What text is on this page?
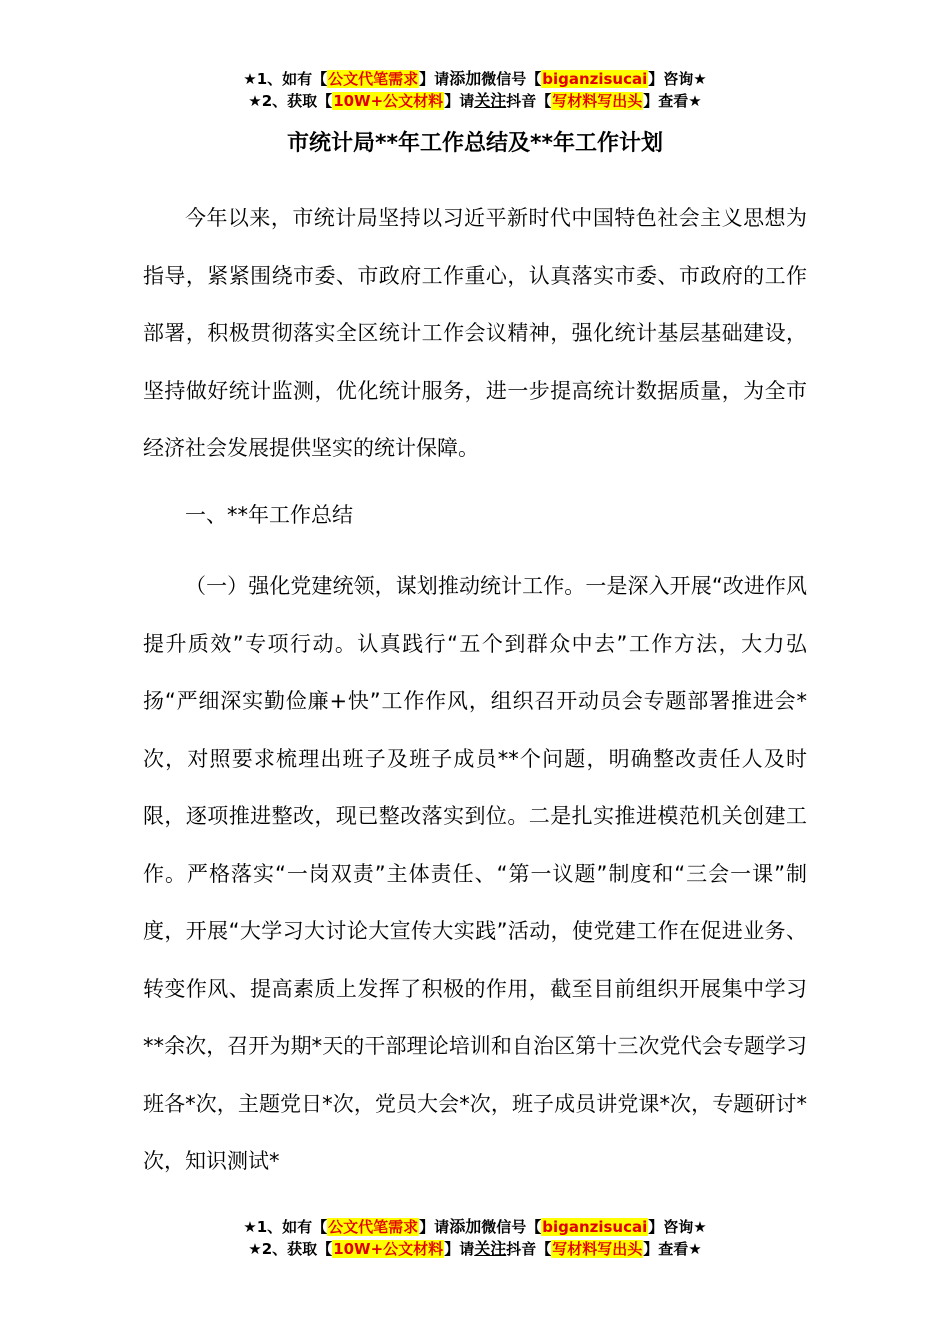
★1、如有【公文代笔需求】请添加微信号【biganzisucai】咨询★
★2、获取【10W+公文材料】请关注抖音【写材料写出头】查看★
市统计局**年工作总结及**年工作计划

今年以来，市统计局坚持以习近平新时代中国特色社会主义思想为指导，紧紧围绕市委、市政府工作重心，认真落实市委、市政府的工作部署，积极贯彻落实全区统计工作会议精神，强化统计基层基础建设，坚持做好统计监测，优化统计服务，进一步提高统计数据质量，为全市经济社会发展提供坚实的统计保障。

一、**年工作总结

（一）强化党建统领，谋划推动统计工作。一是深入开展“改进作风提升质效”专项行动。认真践行“五个到群众中去”工作方法，大力弘扬“严细深实勤俭廉+快”工作作风，组织召开动员会专题部署推进会*次，对照要求梳理出班子及班子成员**个问题，明确整改责任人及时限，逐项推进整改，现已整改落实到位。二是扎实推进模范机关创建工作。严格落实“一岗双责”主体责任、“第一议题”制度和“三会一课”制度，开展“大学习大讨论大宣传大实践”活动，使党建工作在促进业务、转变作风、提高素质上发挥了积极的作用，截至目前组织开展集中学习**余次，召开为期*天的干部理论培训和自治区第十三次党代会专题学习班各*次，主题党日*次，党员大会*次，班子成员讲党课*次，专题研讨*次，知识测试*

★1、如有【公文代笔需求】请添加微信号【biganzisucai】咨询★
★2、获取【10W+公文材料】请关注抖音【写材料写出头】查看★
